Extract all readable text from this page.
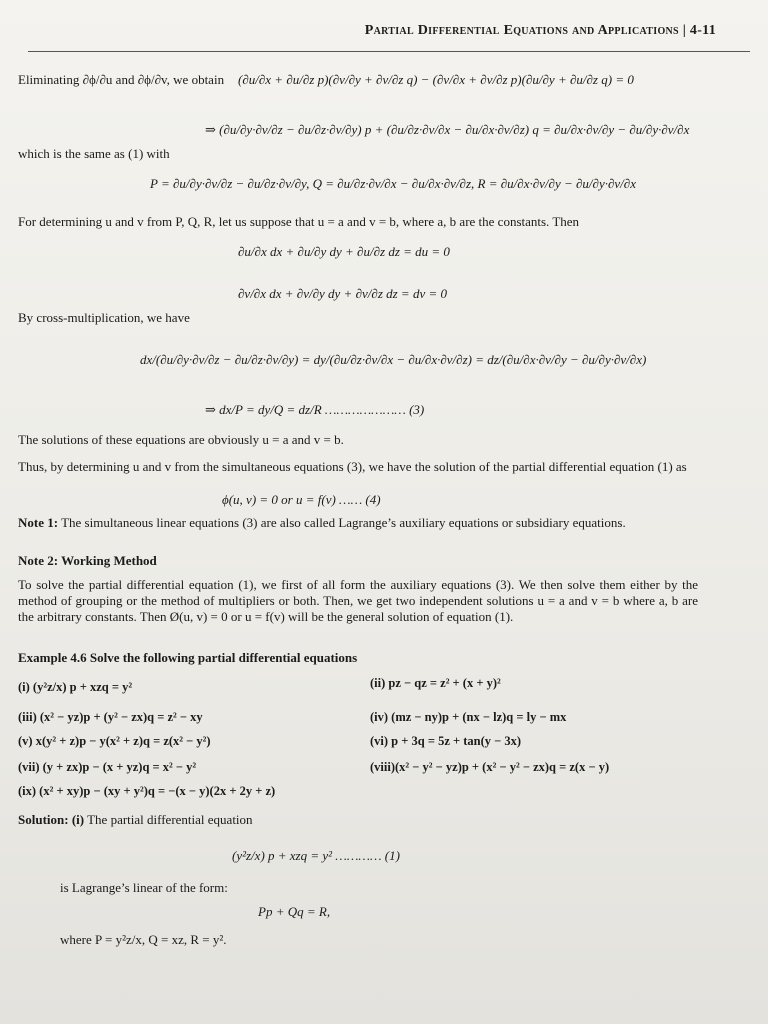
Partial Differential Equations and Applications | 4-11
Eliminating ∂ϕ/∂u and ∂ϕ/∂v, we obtain (∂u/∂x + ∂u/∂z p)(∂v/∂y + ∂v/∂z q) − (∂v/∂x + ∂v/∂z p)(∂u/∂y + ∂u/∂z q) = 0
⇒ (∂u/∂y·∂v/∂z − ∂u/∂z·∂v/∂y) p + (∂u/∂z·∂v/∂x − ∂u/∂x·∂v/∂z) q = ∂u/∂x·∂v/∂y − ∂u/∂y·∂v/∂x
which is the same as (1) with
P = ∂u/∂y·∂v/∂z − ∂u/∂z·∂v/∂y, Q = ∂u/∂z·∂v/∂x − ∂u/∂x·∂v/∂z, R = ∂u/∂x·∂v/∂y − ∂u/∂y·∂v/∂x
For determining u and v from P, Q, R, let us suppose that u = a and v = b, where a, b are the constants. Then
∂u/∂x dx + ∂u/∂y dy + ∂u/∂z dz = du = 0
∂v/∂x dx + ∂v/∂y dy + ∂v/∂z dz = dv = 0
By cross-multiplication, we have
dx/(∂u/∂y·∂v/∂z − ∂u/∂z·∂v/∂y) = dy/(∂u/∂z·∂v/∂x − ∂u/∂x·∂v/∂z) = dz/(∂u/∂x·∂v/∂y − ∂u/∂y·∂v/∂x)
⇒ dx/P = dy/Q = dz/R ………………… (3)
The solutions of these equations are obviously u = a and v = b.
Thus, by determining u and v from the simultaneous equations (3), we have the solution of the partial differential equation (1) as
ϕ(u, v) = 0 or u = f(v) …… (4)
Note 1: The simultaneous linear equations (3) are also called Lagrange’s auxiliary equations or subsidiary equations.
Note 2: Working Method
To solve the partial differential equation (1), we first of all form the auxiliary equations (3). We then solve them either by the method of grouping or the method of multipliers or both. Then, we get two independent solutions u = a and v = b where a, b are the arbitrary constants. Then Ø(u, v) = 0 or u = f(v) will be the general solution of equation (1).
Example 4.6 Solve the following partial differential equations
(i) (y²z/x) p + xzq = y²	(ii) pz − qz = z² + (x + y)²
(iii) (x² − yz)p + (y² − zx)q = z² − xy	(iv) (mz − ny)p + (nx − lz)q = ly − mx
(v) x(y² + z)p − y(x² + z)q = z(x² − y²)	(vi) p + 3q = 5z + tan(y − 3x)
(vii) (y + zx)p − (x + yz)q = x² − y²	(viii)(x² − y² − yz)p + (x² − y² − zx)q = z(x − y)
(ix) (x² + xy)p − (xy + y²)q = −(x − y)(2x + 2y + z)
Solution: (i) The partial differential equation
(y²z/x) p + xzq = y² ………… (1)
is Lagrange’s linear of the form:
Pp + Qq = R,
where P = y²z/x, Q = xz, R = y².
